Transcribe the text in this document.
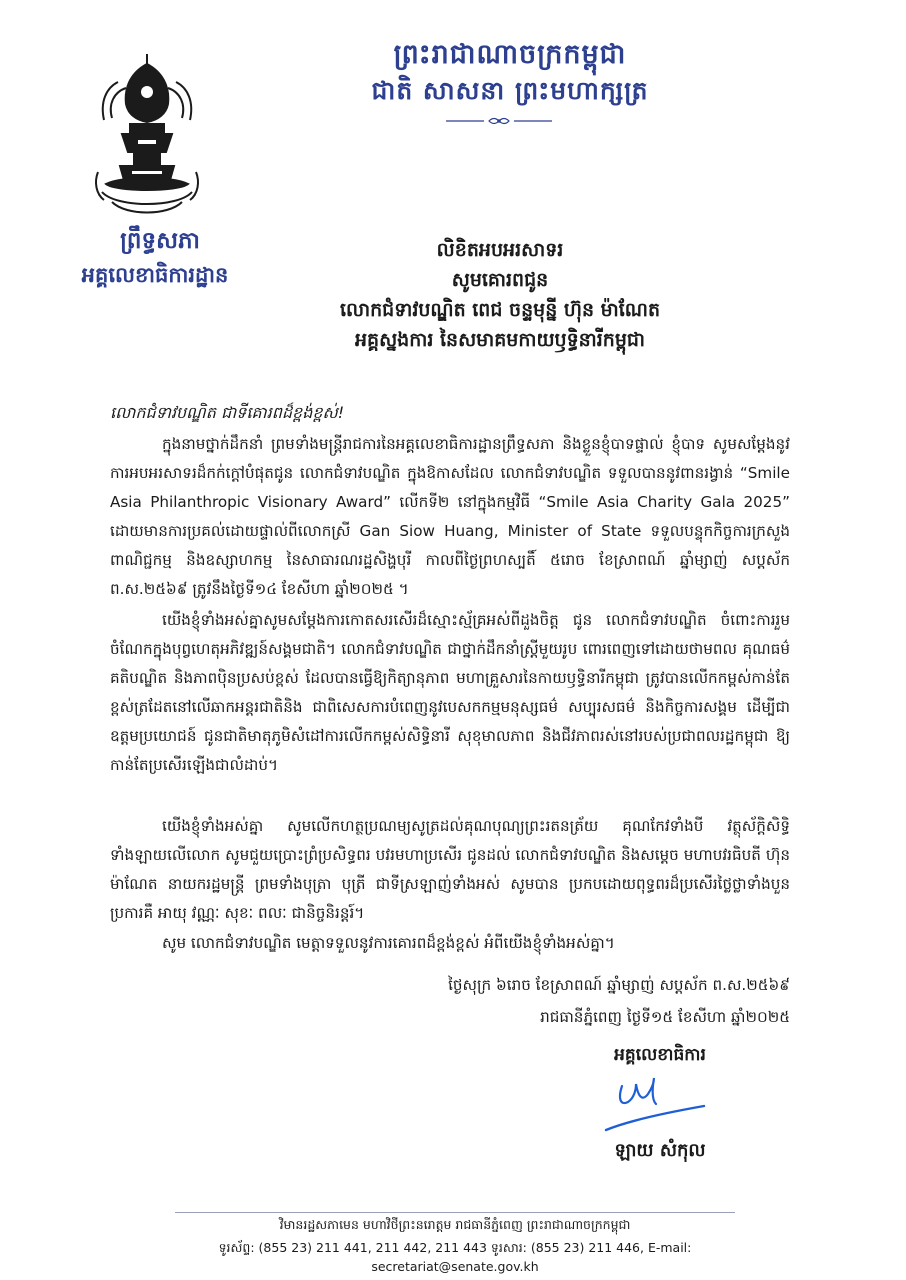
ព្រះរាជាណាចក្រកម្ពុជា
ជាតិ សាសនា ព្រះមហាក្សត្រ
ព្រឹទ្ធសភា
អគ្គលេខាធិការដ្ឋាន
លិខិតអបអរសាទរ
សូមគោរពជូន
លោកជំទាវបណ្ឌិត ពេជ ចន្ទមុន្នី ហ៊ុន ម៉ាណែត
អគ្គស្នងការ នៃសមាគមកាយឫទ្ធិនារីកម្ពុជា
លោកជំទាវបណ្ឌិត ជាទីគោរពដ៏ខ្ពង់ខ្ពស់!

ក្នុងនាមថ្នាក់ដឹកនាំ ព្រមទាំងមន្ត្រីរាជការនៃអគ្គលេខាធិការដ្ឋានព្រឹទ្ធសភា និងខ្លួនខ្ញុំបាទផ្ទាល់ ខ្ញុំបាទ សូមសម្ដែងនូវការអបអរសាទរដ៏កក់ក្ដៅបំផុតជូន លោកជំទាវបណ្ឌិត ក្នុងឱកាសដែល លោកជំទាវបណ្ឌិត ទទួលបាននូវពានរង្វាន់ “Smile Asia Philanthropic Visionary Award” លើកទី២ នៅក្នុងកម្មវិធី “Smile Asia Charity Gala 2025” ដោយមានការប្រគល់ដោយផ្ទាល់ពីលោកស្រី Gan Siow Huang, Minister of State ទទួលបន្ទុកកិច្ចការក្រសួងពាណិជ្ជកម្ម និងឧស្សាហកម្ម នៃសាធារណរដ្ឋសិង្ហបុរី កាលពីថ្ងៃព្រហស្បតិ៍ ៥រោច ខែស្រាពណ៍ ឆ្នាំម្សាញ់ សប្តស័ក ព.ស.២៥៦៩ ត្រូវនឹងថ្ងៃទី១៤ ខែសីហា ឆ្នាំ២០២៥ ។

យើងខ្ញុំទាំងអស់គ្នាសូមសម្តែងការកោតសរសើរដ៏ស្មោះស្ម័គ្រអស់ពីដួងចិត្ត ជូន លោកជំទាវបណ្ឌិត ចំពោះការរួមចំណែកក្នុងបុព្វហេតុអភិវឌ្ឍន៍សង្គមជាតិ។ លោកជំទាវបណ្ឌិត ជាថ្នាក់ដឹកនាំស្ត្រីមួយរូប ពោរពេញទៅដោយថាមពល គុណធម៌ គតិបណ្ឌិត និងភាពប៉ិនប្រសប់ខ្ពស់ ដែលបានធ្វើឱ្យកិត្យានុភាព មហាគ្រួសារនៃកាយឫទ្ធិនារីកម្ពុជា ត្រូវបានលើកកម្ពស់កាន់តែខ្ពស់ត្រដែតនៅលើឆាកអន្តរជាតិនិង ជាពិសេសការបំពេញនូវបេសកកម្មមនុស្សធម៌ សប្បុរសធម៌ និងកិច្ចការសង្គម ដើម្បីជាឧត្តមប្រយោជន៍ ជូនជាតិមាតុភូមិសំដៅការលើកកម្ពស់សិទ្ធិនារី សុខុមាលភាព និងជីវភាពរស់នៅរបស់ប្រជាពលរដ្ឋកម្ពុជា ឱ្យកាន់តែប្រសើរឡើងជាលំដាប់។

យើងខ្ញុំទាំងអស់គ្នា សូមលើកហត្ថប្រណម្យសូត្រដល់គុណបុណ្យព្រះរតនត្រ័យ គុណកែវទាំងបី វត្ថុស័ក្តិសិទ្ធិ ទាំងឡាយលើលោក សូមជួយប្រោះព្រំប្រសិទ្ធពរ បវរមហាប្រសើរ ជូនដល់ លោកជំទាវបណ្ឌិត និងសម្ដេច មហាបវរធិបតី ហ៊ុន ម៉ាណែត នាយករដ្ឋមន្ត្រី ព្រមទាំងបុត្រា បុត្រី ជាទីស្រឡាញ់ទាំងអស់ សូមបាន ប្រកបដោយពុទ្ធពរដ៏ប្រសើរថ្លៃថ្លាទាំងបួនប្រការគឺ អាយុ វណ្ណៈ សុខៈ ពលៈ ជានិច្ចនិរន្តរ៍។

សូម លោកជំទាវបណ្ឌិត មេត្តាទទួលនូវការគោរពដ៏ខ្ពង់ខ្ពស់ អំពីយើងខ្ញុំទាំងអស់គ្នា។
ថ្ងៃសុក្រ ៦រោច ខែស្រាពណ៍ ឆ្នាំម្សាញ់ សប្តស័ក ព.ស.២៥៦៩
រាជធានីភ្នំពេញ ថ្ងៃទី១៥ ខែសីហា ឆ្នាំ២០២៥
អគ្គលេខាធិការ
ឡាយ សំកុល
វិមានរដ្ឋសភាមេន មហាវិថីព្រះនរោត្តម រាជធានីភ្នំពេញ ព្រះរាជាណាចក្រកម្ពុជា
ទូរស័ព្ទ: (855 23) 211 441, 211 442, 211 443 ទូរសារ: (855 23) 211 446, E-mail: secretariat@senate.gov.kh
